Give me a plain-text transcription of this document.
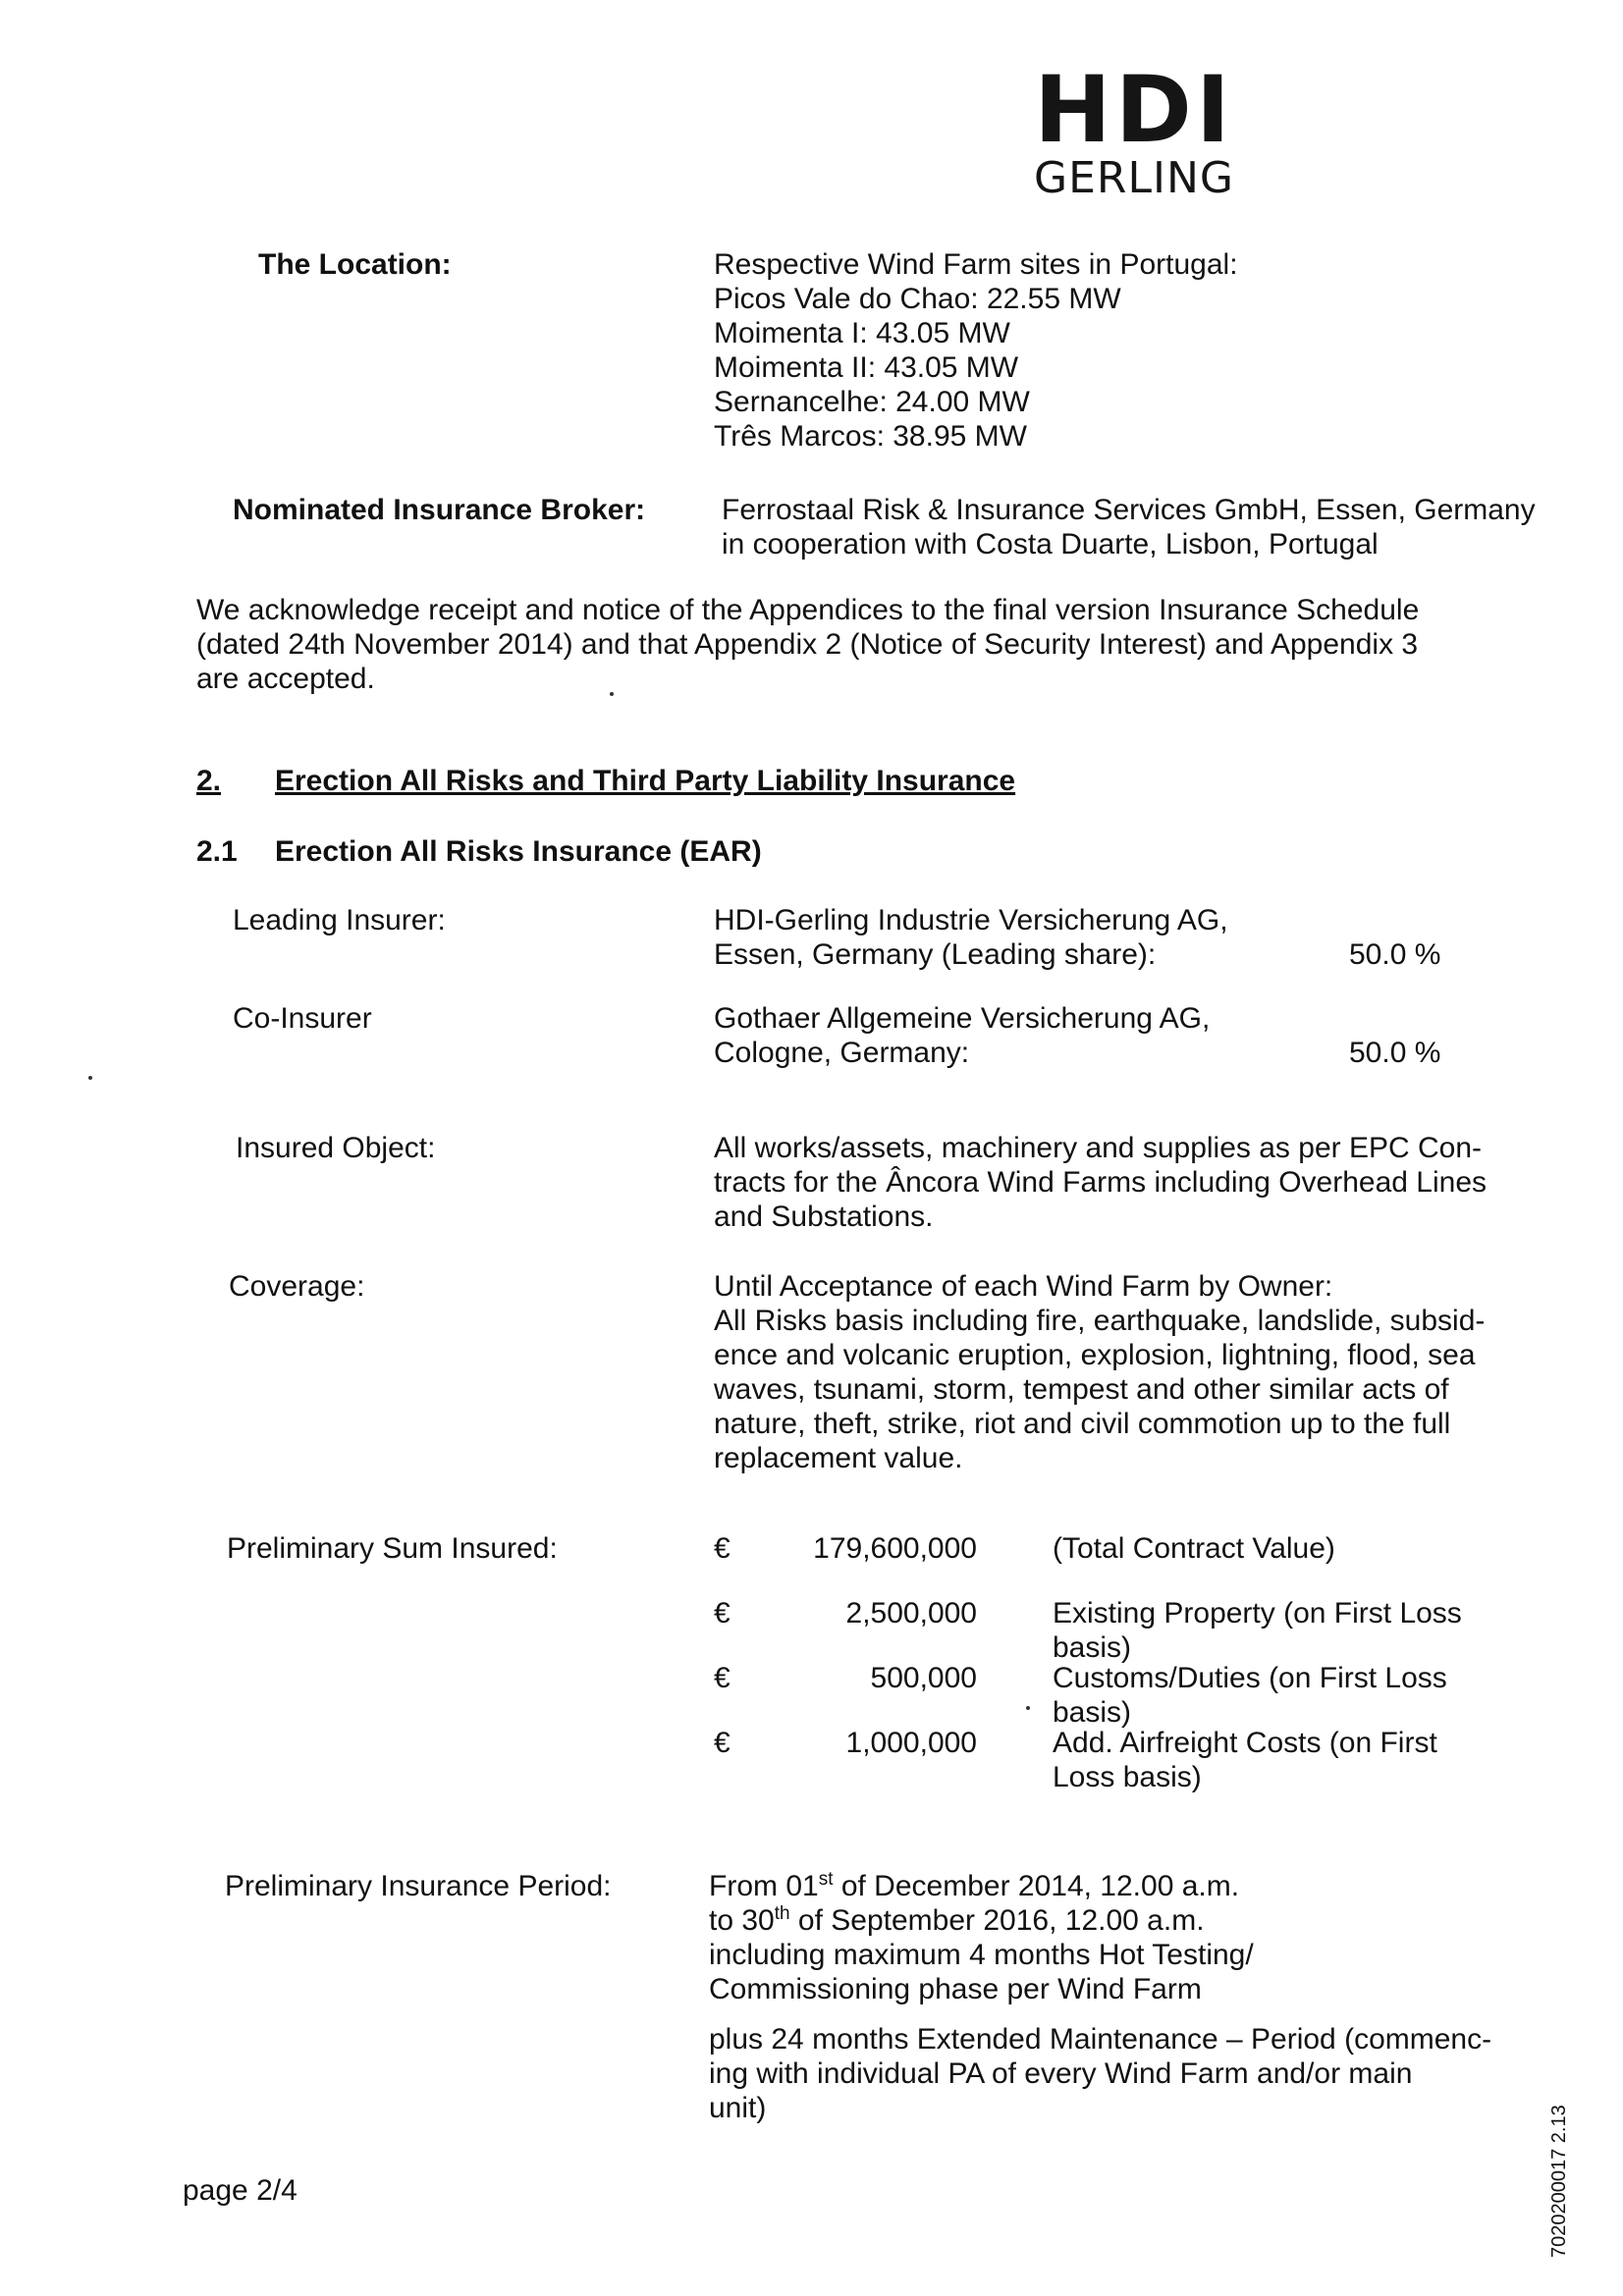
HDI
GERLING
The Location:	Respective Wind Farm sites in Portugal:
Picos Vale do Chao: 22.55 MW
Moimenta I: 43.05 MW
Moimenta II: 43.05 MW
Sernancelhe: 24.00 MW
Três Marcos: 38.95 MW
Nominated Insurance Broker:	Ferrostaal Risk & Insurance Services GmbH, Essen, Germany
in cooperation with Costa Duarte, Lisbon, Portugal
We acknowledge receipt and notice of the Appendices to the final version Insurance Schedule
(dated 24th November 2014) and that Appendix 2 (Notice of Security Interest) and Appendix 3
are accepted.
2. Erection All Risks and Third Party Liability Insurance
2.1 Erection All Risks Insurance (EAR)
Leading Insurer:	HDI-Gerling Industrie Versicherung AG,
Essen, Germany (Leading share):	50.0 %
Co-Insurer	Gothaer Allgemeine Versicherung AG,
Cologne, Germany:	50.0 %
Insured Object:	All works/assets, machinery and supplies as per EPC Con-
tracts for the Âncora Wind Farms including Overhead Lines
and Substations.
Coverage:	Until Acceptance of each Wind Farm by Owner:
All Risks basis including fire, earthquake, landslide, subsid-
ence and volcanic eruption, explosion, lightning, flood, sea
waves, tsunami, storm, tempest and other similar acts of
nature, theft, strike, riot and civil commotion up to the full
replacement value.
Preliminary Sum Insured:	€	179,600,000	(Total Contract Value)
€	2,500,000	Existing Property (on First Loss
basis)
€	500,000	Customs/Duties (on First Loss
basis)
€	1,000,000	Add. Airfreight Costs (on First
Loss basis)
Preliminary Insurance Period:	From 01st of December 2014, 12.00 a.m.
to 30th of September 2016, 12.00 a.m.
including maximum 4 months Hot Testing/
Commissioning phase per Wind Farm
plus 24 months Extended Maintenance – Period (commenc-
ing with individual PA of every Wind Farm and/or main
unit)
page 2/4	7020200017 2.13
